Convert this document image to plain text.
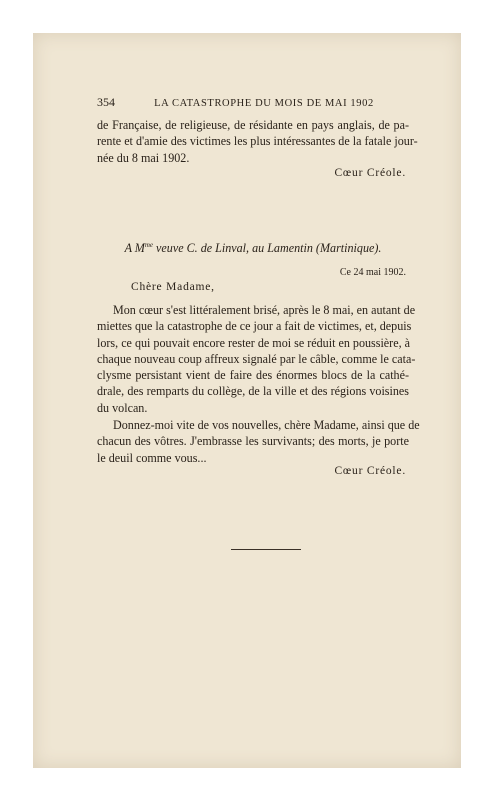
354	LA CATASTROPHE DU MOIS DE MAI 1902
de Française, de religieuse, de résidante en pays anglais, de pa-
rente et d'amie des victimes les plus intéressantes de la fatale jour-
née du 8 mai 1902.
Cœur Créole.
A $M^{me}$ veuve C. de Linval, au Lamentin (Martinique).
Ce 24 mai 1902.
Chère Madame,
Mon cœur s'est littéralement brisé, après le 8 mai, en autant de
miettes que la catastrophe de ce jour a fait de victimes, et, depuis
lors, ce qui pouvait encore rester de moi se réduit en poussière, à
chaque nouveau coup affreux signalé par le câble, comme le cata-
clysme persistant vient de faire des énormes blocs de la cathé-
drale, des remparts du collège, de la ville et des régions voisines
du volcan.
Donnez-moi vite de vos nouvelles, chère Madame, ainsi que de
chacun des vôtres. J'embrasse les survivants; des morts, je porte
le deuil comme vous...
Cœur Créole.
